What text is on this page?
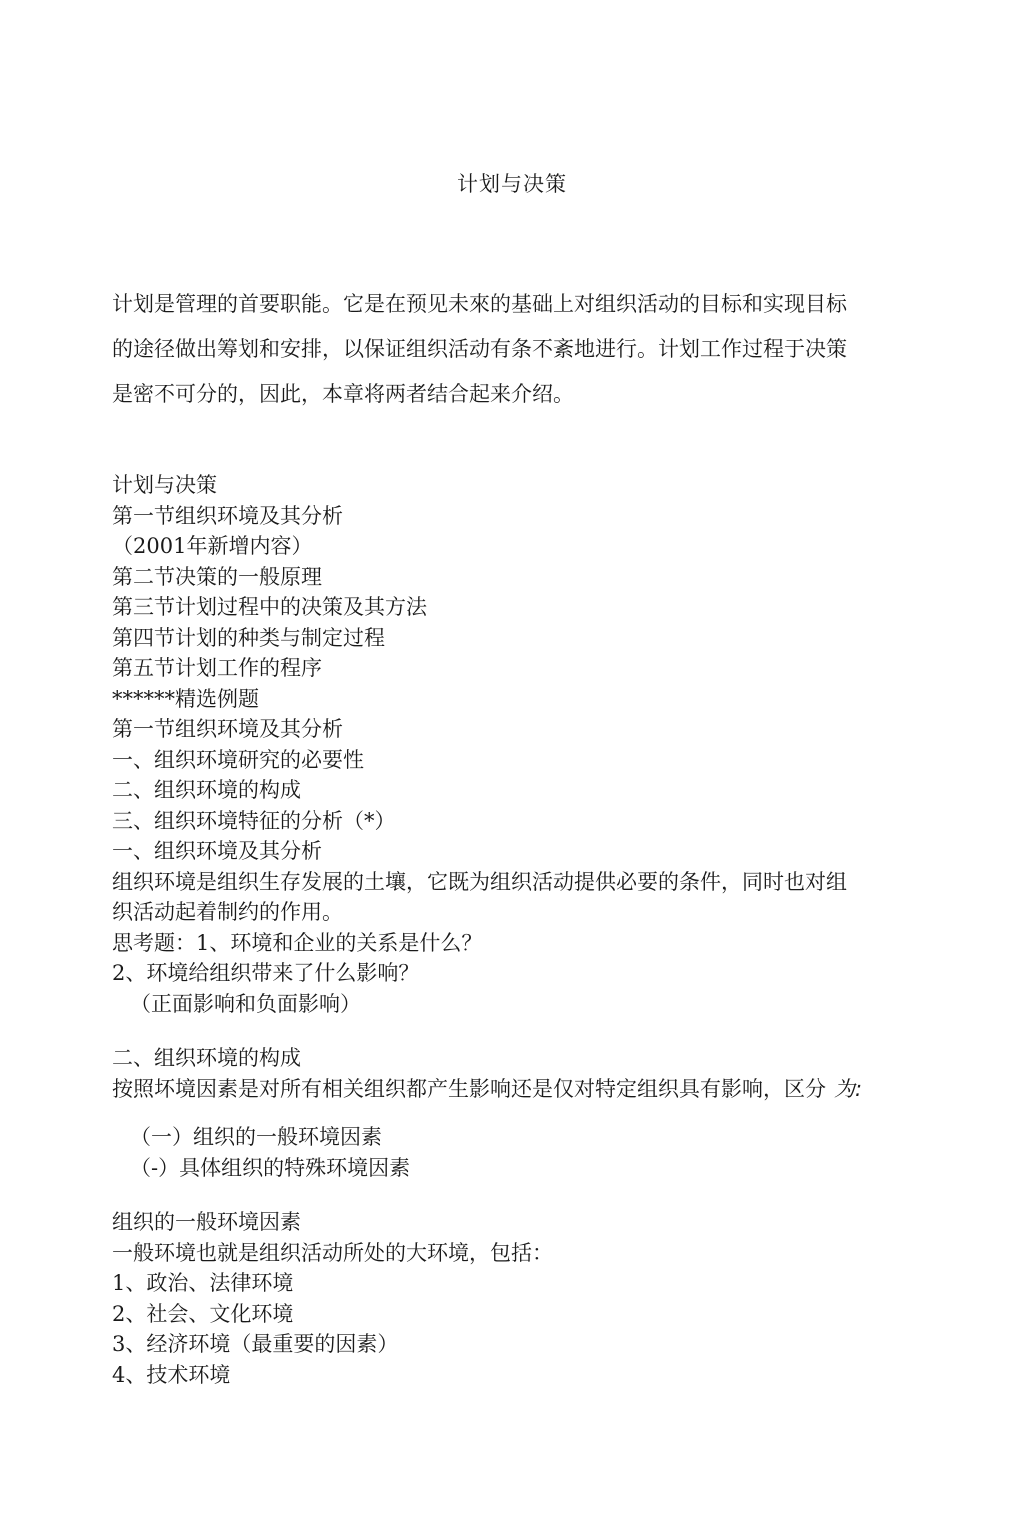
计划与决策

计划是管理的首要职能。它是在预见未來的基础上对组织活动的目标和实现目标

的途径做出筹划和安排，以保证组织活动有条不紊地进行。计划工作过程于决策

是密不可分的，因此，本章将两者结合起来介绍。

计划与决策
第一节组织环境及其分析
（2001年新增内容）
第二节决策的一般原理
第三节计划过程中的决策及其方法
第四节计划的种类与制定过程
第五节计划工作的程序
******精选例题
第一节组织环境及其分析
一、组织环境研究的必要性
二、组织环境的构成
三、组织环境特征的分析（*）
一、组织环境及其分析
组织环境是组织生存发展的土壤，它既为组织活动提供必要的条件，同时也对组
织活动起着制约的作用。
思考题：1、环境和企业的关系是什么？
2、环境给组织带来了什么影响？
（正面影响和负面影响）
二、组织环境的构成
按照坏境因素是对所有相关组织都产生影响还是仅对特定组织具有影响，区分 为:
（一）组织的一般环境因素
（-）具体组织的特殊环境因素
组织的一般环境因素
一般环境也就是组织活动所处的大环境，包括：
1、政治、法律环境
2、社会、文化环境
3、经济环境（最重要的因素）
4、技术环境
